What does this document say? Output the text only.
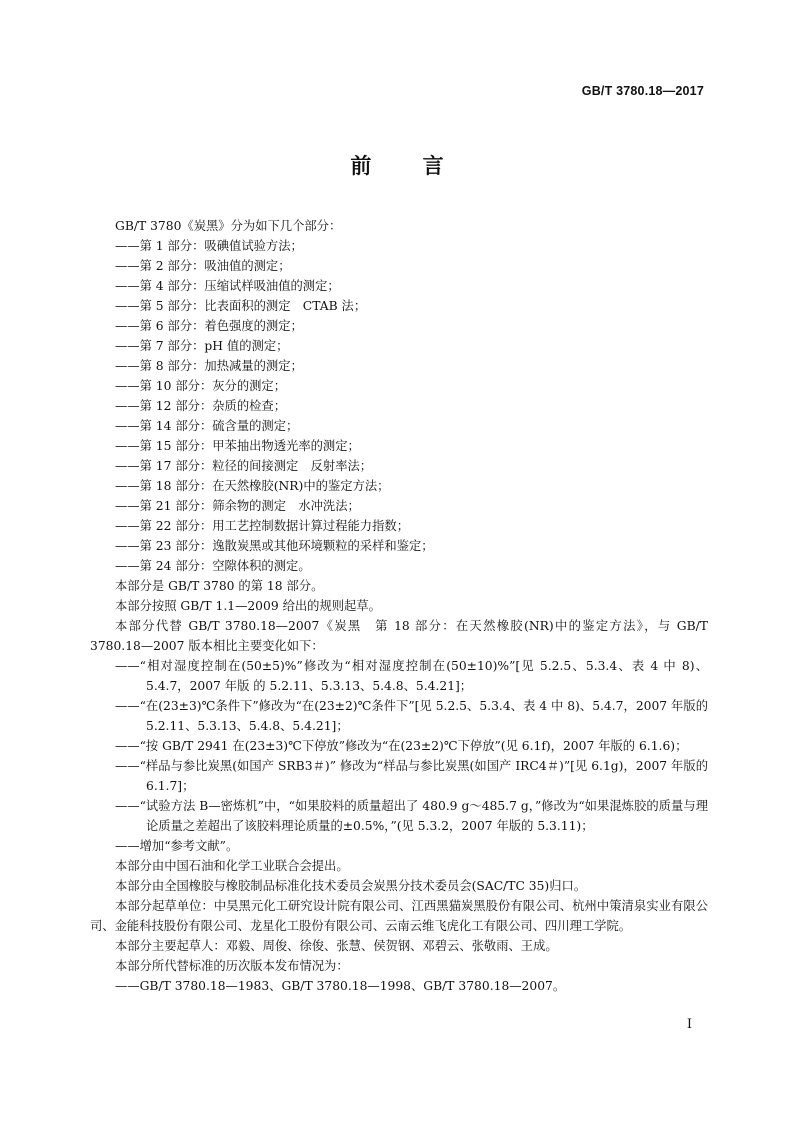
GB/T 3780.18—2017
前 言
GB/T 3780《炭黑》分为如下几个部分：
——第 1 部分：吸碘值试验方法；
——第 2 部分：吸油值的测定；
——第 4 部分：压缩试样吸油值的测定；
——第 5 部分：比表面积的测定　CTAB 法；
——第 6 部分：着色强度的测定；
——第 7 部分：pH 值的测定；
——第 8 部分：加热减量的测定；
——第 10 部分：灰分的测定；
——第 12 部分：杂质的检查；
——第 14 部分：硫含量的测定；
——第 15 部分：甲苯抽出物透光率的测定；
——第 17 部分：粒径的间接测定　反射率法；
——第 18 部分：在天然橡胶(NR)中的鉴定方法；
——第 21 部分：筛余物的测定　水冲洗法；
——第 22 部分：用工艺控制数据计算过程能力指数；
——第 23 部分：逸散炭黑或其他环境颗粒的采样和鉴定；
——第 24 部分：空隙体积的测定。
本部分是 GB/T 3780 的第 18 部分。
本部分按照 GB/T 1.1—2009 给出的规则起草。
本部分代替 GB/T 3780.18—2007《炭黑　第 18 部分：在天然橡胶(NR)中的鉴定方法》，与 GB/T 3780.18—2007 版本相比主要变化如下：
——“相对湿度控制在(50±5)%”修改为“相对湿度控制在(50±10)%”[见 5.2.5、5.3.4、表 4 中 8)、5.4.7，2007 年版 的 5.2.11、5.3.13、5.4.8、5.4.21]；
——“在(23±3)℃条件下”修改为“在(23±2)℃条件下”[见 5.2.5、5.3.4、表 4 中 8)、5.4.7，2007 年版的 5.2.11、5.3.13、5.4.8、5.4.21]；
——“按 GB/T 2941 在(23±3)℃下停放”修改为“在(23±2)℃下停放”(见 6.1f)，2007 年版的 6.1.6)；
——“样品与参比炭黑(如国产 SRB3＃)” 修改为“样品与参比炭黑(如国产 IRC4＃)”[见 6.1g)，2007 年版的 6.1.7]；
——“试验方法 B—密炼机”中，“如果胶料的质量超出了 480.9 g～485.7 g，”修改为“如果混炼胶的质量与理论质量之差超出了该胶料理论质量的±0.5%，”(见 5.3.2，2007 年版的 5.3.11)；
——增加“参考文献”。
本部分由中国石油和化学工业联合会提出。
本部分由全国橡胶与橡胶制品标准化技术委员会炭黑分技术委员会(SAC/TC 35)归口。
本部分起草单位：中昊黑元化工研究设计院有限公司、江西黑猫炭黑股份有限公司、杭州中策清泉实业有限公司、金能科技股份有限公司、龙星化工股份有限公司、云南云维飞虎化工有限公司、四川理工学院。
本部分主要起草人：邓毅、周俊、徐俊、张慧、侯贺钢、邓碧云、张敬雨、王成。
本部分所代替标准的历次版本发布情况为：
——GB/T 3780.18—1983、GB/T 3780.18—1998、GB/T 3780.18—2007。
I
